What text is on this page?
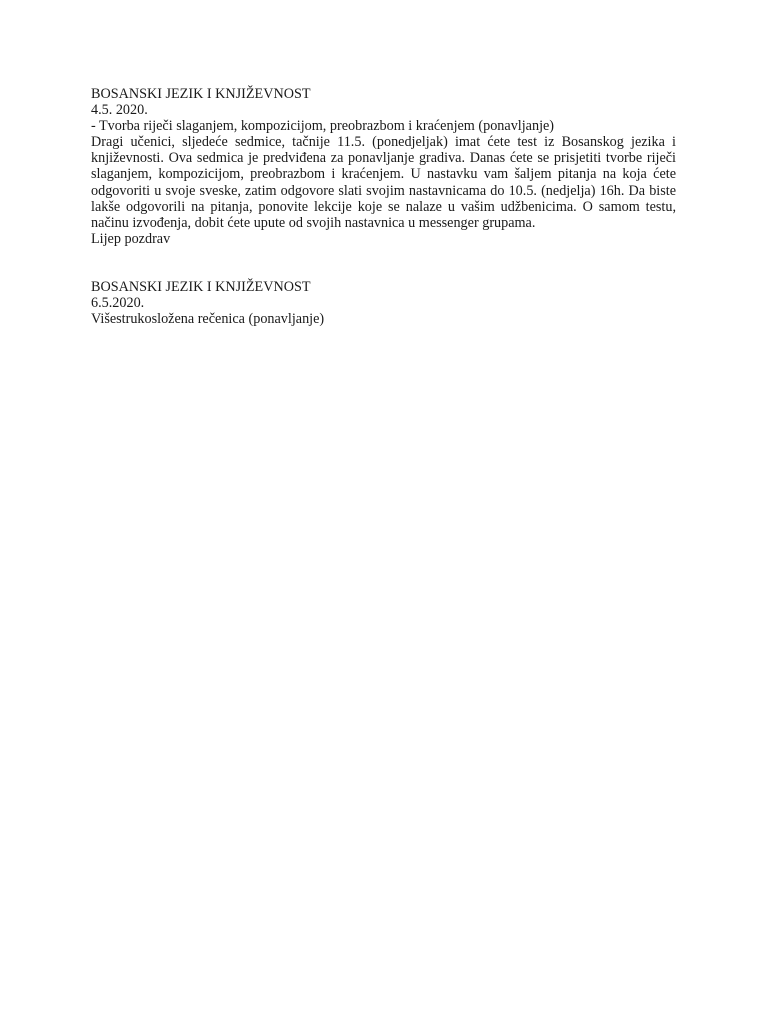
BOSANSKI JEZIK I KNJIŽEVNOST
4.5. 2020.
- Tvorba riječi slaganjem, kompozicijom, preobrazbom i kraćenjem (ponavljanje)

Dragi učenici, sljedeće sedmice, tačnije 11.5. (ponedjeljak) imat ćete test iz Bosanskog jezika i književnosti. Ova sedmica je predviđena za ponavljanje gradiva. Danas ćete se prisjetiti tvorbe riječi slaganjem, kompozicijom, preobrazbom i kraćenjem. U nastavku vam šaljem pitanja na koja ćete odgovoriti u svoje sveske, zatim odgovore slati svojim nastavnicama do 10.5. (nedjelja) 16h. Da biste lakše odgovorili na pitanja, ponovite lekcije koje se nalaze u vašim udžbenicima. O samom testu, načinu izvođenja, dobit ćete upute od svojih nastavnica u messenger grupama.

Lijep pozdrav
BOSANSKI JEZIK I KNJIŽEVNOST
6.5.2020.
Višestrukosložena rečenica (ponavljanje)
